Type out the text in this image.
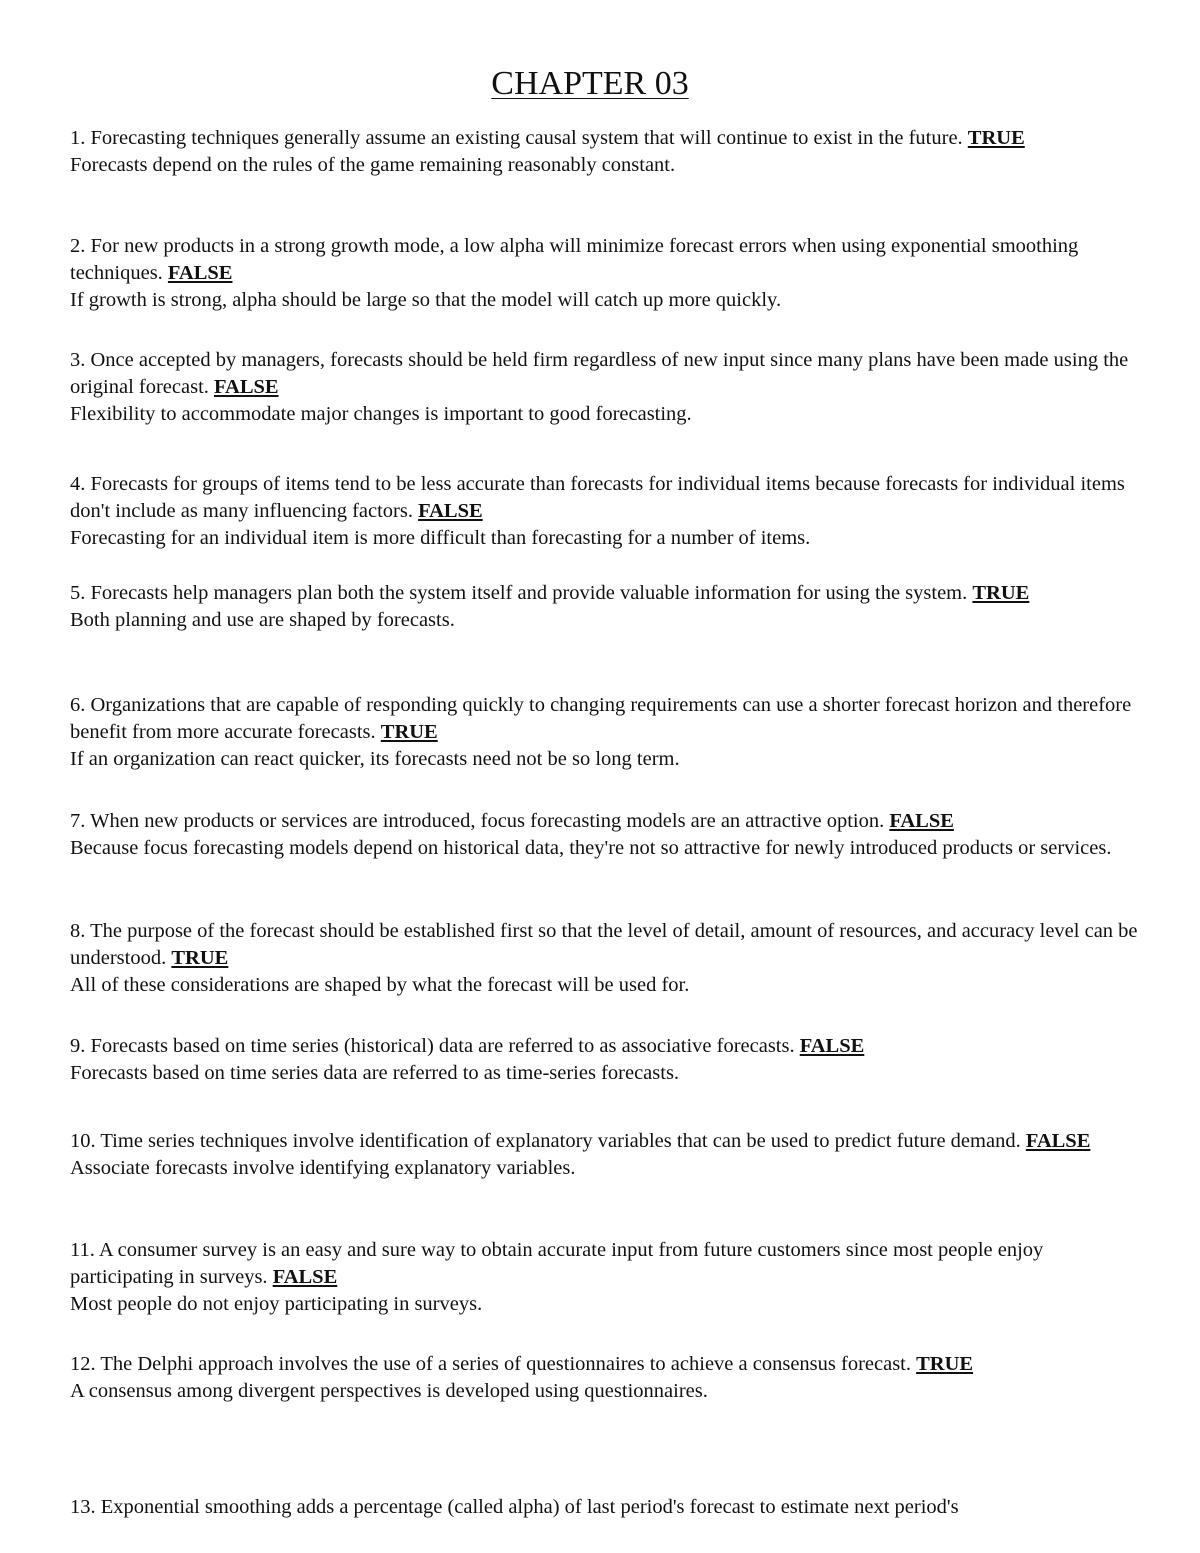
CHAPTER 03

1. Forecasting techniques generally assume an existing causal system that will continue to exist in the future. TRUE

Forecasts depend on the rules of the game remaining reasonably constant.

2. For new products in a strong growth mode, a low alpha will minimize forecast errors when using exponential smoothing techniques. FALSE

If growth is strong, alpha should be large so that the model will catch up more quickly.

3. Once accepted by managers, forecasts should be held firm regardless of new input since many plans have been made using the original forecast. FALSE

Flexibility to accommodate major changes is important to good forecasting.

4. Forecasts for groups of items tend to be less accurate than forecasts for individual items because forecasts for individual items don't include as many influencing factors. FALSE

Forecasting for an individual item is more difficult than forecasting for a number of items.

5. Forecasts help managers plan both the system itself and provide valuable information for using the system. TRUE

Both planning and use are shaped by forecasts.

6. Organizations that are capable of responding quickly to changing requirements can use a shorter forecast horizon and therefore benefit from more accurate forecasts. TRUE

If an organization can react quicker, its forecasts need not be so long term.

7. When new products or services are introduced, focus forecasting models are an attractive option. FALSE

Because focus forecasting models depend on historical data, they're not so attractive for newly introduced products or services.

8. The purpose of the forecast should be established first so that the level of detail, amount of resources, and accuracy level can be understood. TRUE

All of these considerations are shaped by what the forecast will be used for.

9. Forecasts based on time series (historical) data are referred to as associative forecasts. FALSE

Forecasts based on time series data are referred to as time-series forecasts.

10. Time series techniques involve identification of explanatory variables that can be used to predict future demand. FALSE

Associate forecasts involve identifying explanatory variables.

11. A consumer survey is an easy and sure way to obtain accurate input from future customers since most people enjoy participating in surveys. FALSE

Most people do not enjoy participating in surveys.

12. The Delphi approach involves the use of a series of questionnaires to achieve a consensus forecast. TRUE

A consensus among divergent perspectives is developed using questionnaires.

13. Exponential smoothing adds a percentage (called alpha) of last period's forecast to estimate next period's
